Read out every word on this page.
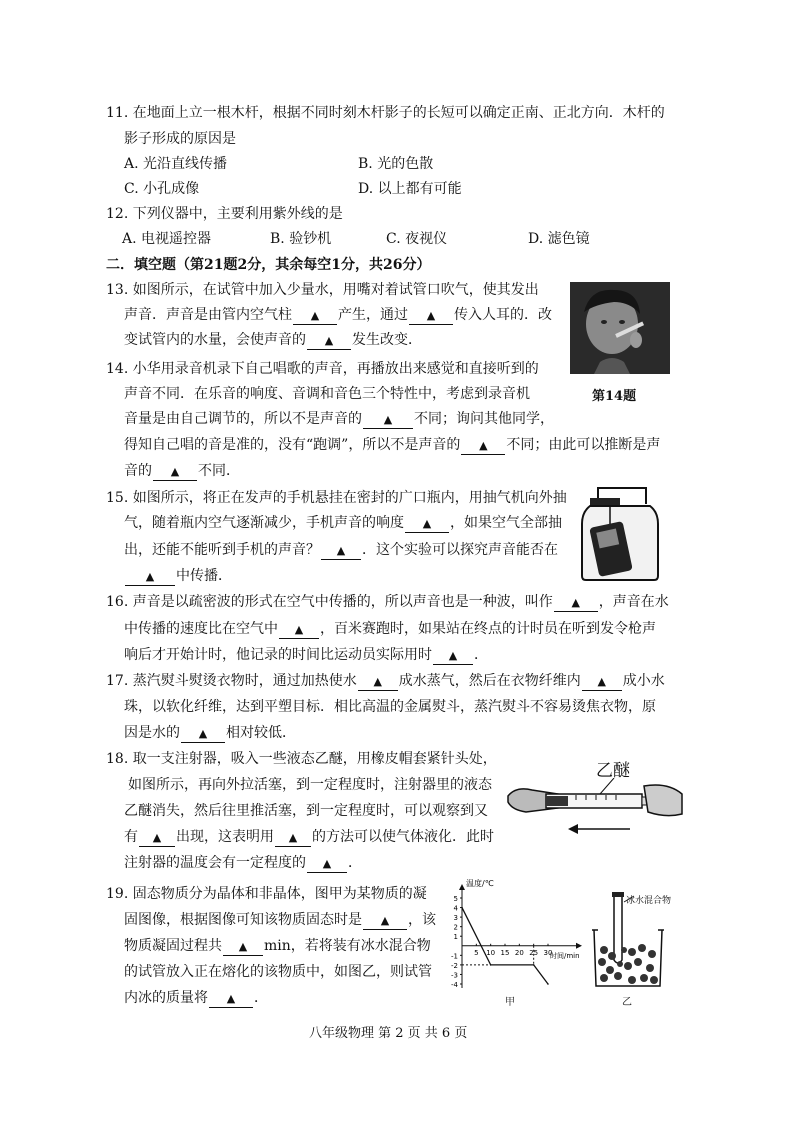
11. 在地面上立一根木杆，根据不同时刻木杆影子的长短可以确定正南、正北方向．木杆的
影子形成的原因是
A. 光沿直线传播	B. 光的色散
C. 小孔成像	D. 以上都有可能
12. 下列仪器中，主要利用紫外线的是
A. 电视遥控器	B. 验钞机	C. 夜视仪	D. 滤色镜
二．填空题（第21题2分，其余每空1分，共26分）
13. 如图所示，在试管中加入少量水，用嘴对着试管口吹气，使其发出
声音．声音是由管内空气柱 ▲ 产生，通过 ▲ 传入人耳的．改
变试管内的水量，会使声音的 ▲ 发生改变．
第14题
14. 小华用录音机录下自己唱歌的声音，再播放出来感觉和直接听到的
声音不同．在乐音的响度、音调和音色三个特性中，考虑到录音机
音量是由自己调节的，所以不是声音的 ▲ 不同；询问其他同学，
得知自己唱的音是准的，没有“跑调”，所以不是声音的 ▲ 不同；由此可以推断是声
音的 ▲ 不同．
15. 如图所示，将正在发声的手机悬挂在密封的广口瓶内，用抽气机向外抽
气，随着瓶内空气逐渐减少，手机声音的响度 ▲ ，如果空气全部抽
出，还能不能听到手机的声音？ ▲ ．这个实验可以探究声音能否在
▲ 中传播．
16. 声音是以疏密波的形式在空气中传播的，所以声音也是一种波，叫作 ▲ ，声音在水
中传播的速度比在空气中 ▲ ，百米赛跑时，如果站在终点的计时员在听到发令枪声
响后才开始计时，他记录的时间比运动员实际用时 ▲ ．
17. 蒸汽熨斗熨烫衣物时，通过加热使水 ▲ 成水蒸气，然后在衣物纤维内 ▲ 成小水
珠，以软化纤维，达到平塑目标．相比高温的金属熨斗，蒸汽熨斗不容易烫焦衣物，原
因是水的 ▲ 相对较低．
18. 取一支注射器，吸入一些液态乙醚，用橡皮帽套紧针头处，
如图所示，再向外拉活塞，到一定程度时，注射器里的液态
乙醚消失，然后往里推活塞，到一定程度时，可以观察到又
有 ▲ 出现，这表明用 ▲ 的方法可以使气体液化．此时
注射器的温度会有一定程度的 ▲ ．
乙醚
19. 固态物质分为晶体和非晶体，图甲为某物质的凝
固图像，根据图像可知该物质固态时是 ▲ ，该
物质凝固过程共 ▲ min，若将装有冰水混合物
的试管放入正在熔化的该物质中，如图乙，则试管
内冰的质量将 ▲ ．
温度/℃
时间/min
5
4
3
2
1
-1
-2
-3
-4
5 10 15 20 25 30
甲
冰水混合物
乙
八年级物理 第 2 页 共 6 页
